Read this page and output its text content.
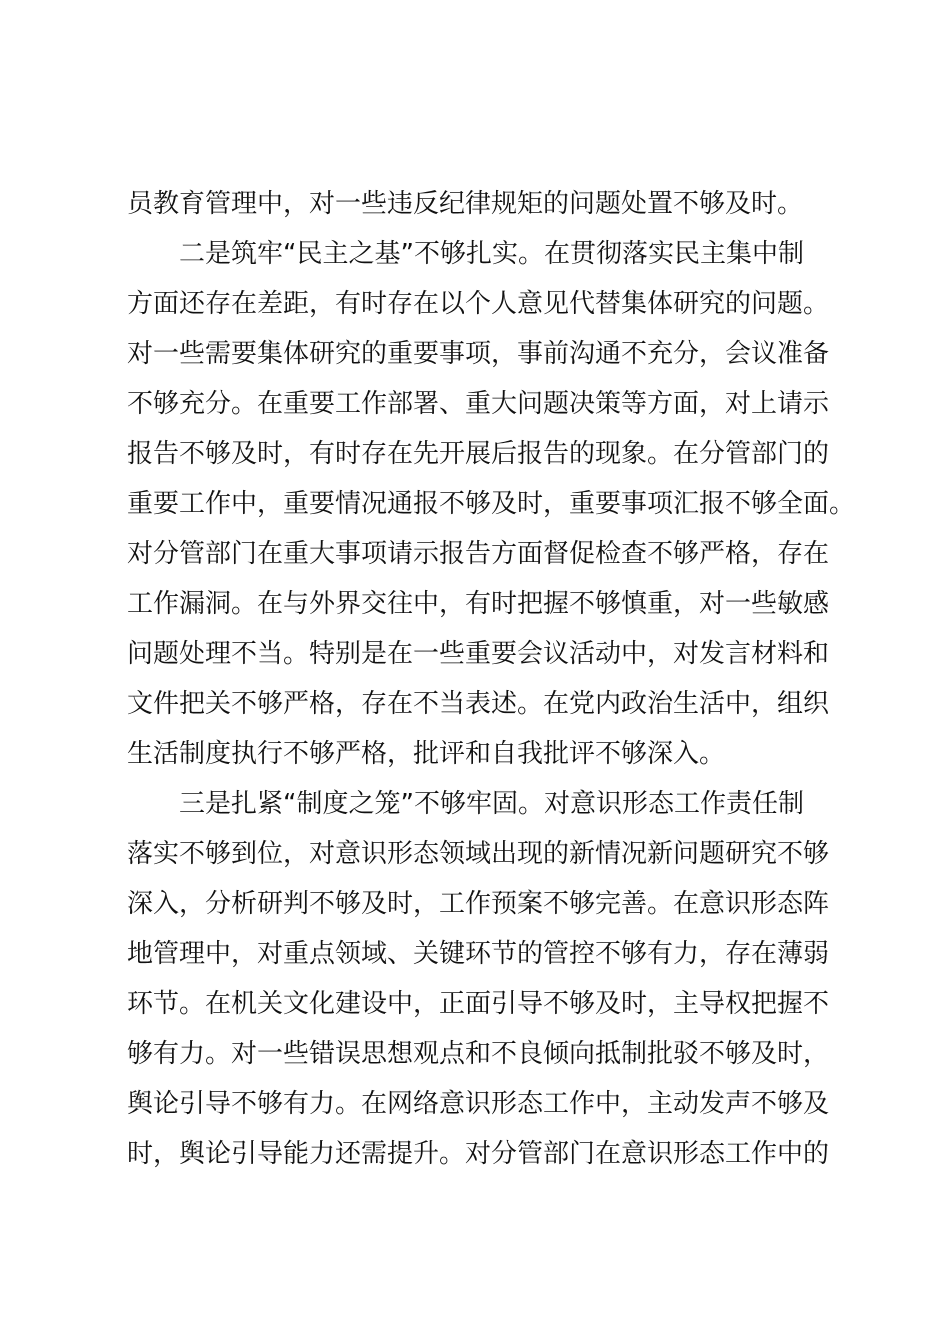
员教育管理中，对一些违反纪律规矩的问题处置不够及时。
二是筑牢“民主之基”不够扎实。在贯彻落实民主集中制
方面还存在差距，有时存在以个人意见代替集体研究的问题。
对一些需要集体研究的重要事项，事前沟通不充分，会议准备
不够充分。在重要工作部署、重大问题决策等方面，对上请示
报告不够及时，有时存在先开展后报告的现象。在分管部门的
重要工作中，重要情况通报不够及时，重要事项汇报不够全面。
对分管部门在重大事项请示报告方面督促检查不够严格，存在
工作漏洞。在与外界交往中，有时把握不够慎重，对一些敏感
问题处理不当。特别是在一些重要会议活动中，对发言材料和
文件把关不够严格，存在不当表述。在党内政治生活中，组织
生活制度执行不够严格，批评和自我批评不够深入。
三是扎紧“制度之笼”不够牢固。对意识形态工作责任制
落实不够到位，对意识形态领域出现的新情况新问题研究不够
深入，分析研判不够及时，工作预案不够完善。在意识形态阵
地管理中，对重点领域、关键环节的管控不够有力，存在薄弱
环节。在机关文化建设中，正面引导不够及时，主导权把握不
够有力。对一些错误思想观点和不良倾向抵制批驳不够及时，
舆论引导不够有力。在网络意识形态工作中，主动发声不够及
时，舆论引导能力还需提升。对分管部门在意识形态工作中的
